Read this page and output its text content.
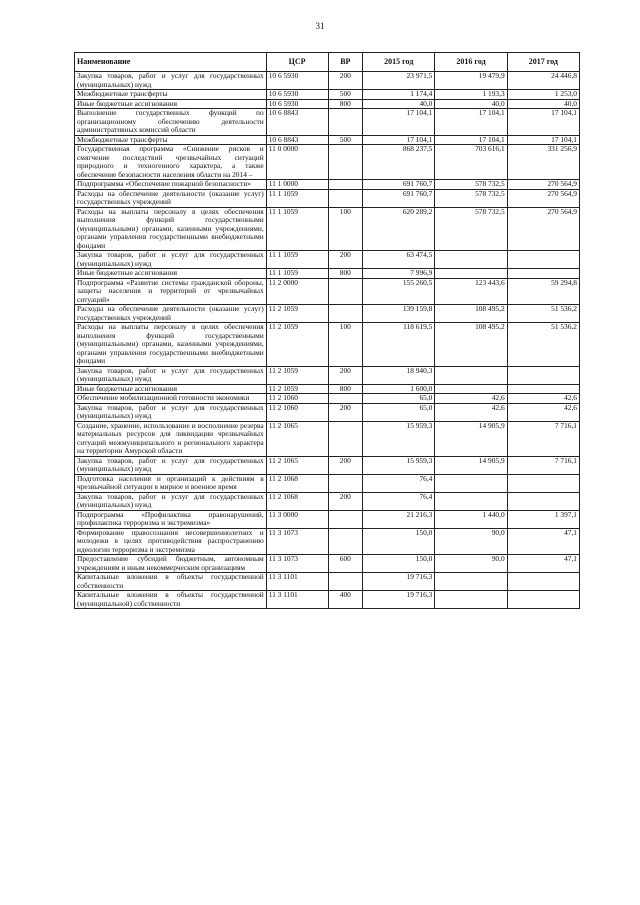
31
Наименование	ЦСР	ВР	2015 год	2016 год	2017 год
Закупка товаров, работ и услуг для государственных (муниципальных) нужд	10 6 5930	200	23 971,5	19 479,9	24 446,8
Межбюджетные трансферты	10 6 5930	500	1 174,4	1 193,3	1 253,0
Иные бюджетные ассигнования	10 6 5930	800	40,0	40,0	40,0
Выполнение государственных функций по организационному обеспечению деятельности административных комиссий области	10 6 8843		17 104,1	17 104,1	17 104,1
Межбюджетные трансферты	10 6 8843	500	17 104,1	17 104,1	17 104,1
Государственная программа «Снижение рисков и смягчение последствий чрезвычайных ситуаций природного и техногенного характера, а также обеспечение безопасности населения области на 2014 –	11 0 0000		868 237,5	703 616,1	331 256,9
Подпрограмма «Обеспечение пожарной безопасности»	11 1 0000		691 760,7	578 732,5	270 564,9
Расходы на обеспечение деятельности (оказание услуг) государственных учреждений	11 1 1059		691 760,7	578 732,5	270 564,9
Расходы на выплаты персоналу в целях обеспечения выполнения функций государственными (муниципальными) органами, казенными учреждениями, органами управления государственными внебюджетными фондами	11 1 1059	100	620 289,2	578 732,5	270 564,9
Закупка товаров, работ и услуг для государственных (муниципальных) нужд	11 1 1059	200	63 474,5		
Иные бюджетные ассигнования	11 1 1059	800	7 996,9		
Подпрограмма «Развитие системы гражданской обороны, защиты населения и территорий от чрезвычайных ситуаций»	11 2 0000		155 260,5	123 443,6	59 294,8
Расходы на обеспечение деятельности (оказание услуг) государственных учреждений	11 2 1059		139 159,8	108 495,2	51 536,2
Расходы на выплаты персоналу в целях обеспечения выполнения функций государственными (муниципальными) органами, казенными учреждениями, органами управления государственными внебюджетными фондами	11 2 1059	100	118 619,5	108 495,2	51 536,2
Закупка товаров, работ и услуг для государственных (муниципальных) нужд	11 2 1059	200	18 940,3		
Иные бюджетные ассигнования	11 2 1059	800	1 600,0		
Обеспечение мобилизационной готовности экономики	11 2 1060		65,0	42,6	42,6
Закупка товаров, работ и услуг для государственных (муниципальных) нужд	11 2 1060	200	65,0	42,6	42,6
Создание, хранение, использование и восполнение резерва материальных ресурсов для ликвидации чрезвычайных ситуаций межмуниципального и регионального характера на территории Амурской области	11 2 1065		15 959,3	14 905,9	7 716,1
Закупка товаров, работ и услуг для государственных (муниципальных) нужд	11 2 1065	200	15 959,3	14 905,9	7 716,1
Подготовка населения и организаций к действиям в чрезвычайной ситуации в мирное и военное время	11 2 1068		76,4		
Закупка товаров, работ и услуг для государственных (муниципальных) нужд	11 2 1068	200	76,4		
Подпрограмма «Профилактика правонарушений, профилактика терроризма и экстремизма»	11 3 0000		21 216,3	1 440,0	1 397,1
Формирование правосознания несовершеннолетних и молодежи в целях противодействия распространению идеологии терроризма и экстремизма	11 3 1073		150,0	90,0	47,1
Предоставление субсидий бюджетным, автономным учреждениям и иным некоммерческим организациям	11 3 1073	600	150,0	90,0	47,1
Капитальные вложения в объекты государственной собственности	11 3 1101		19 716,3		
Капитальные вложения в объекты государственной (муниципальной) собственности	11 3 1101	400	19 716,3		
